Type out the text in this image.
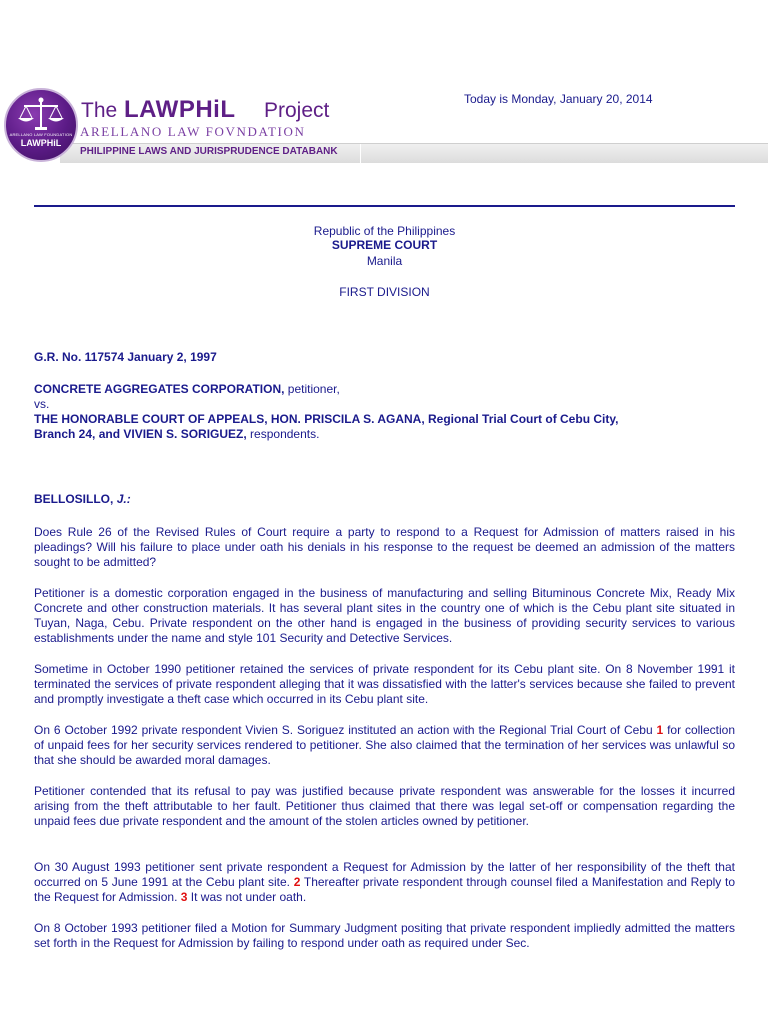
ARELLANO LAW FOUNDATION
LAWPHiL
The LAWPHiL Project
ARELLANO LAW FOVNDATION
PHILIPPINE LAWS AND JURISPRUDENCE DATABANK
Today is Monday, January 20, 2014
Republic of the Philippines
SUPREME COURT
Manila
FIRST DIVISION
G.R. No. 117574 January 2, 1997
CONCRETE AGGREGATES CORPORATION, petitioner,
vs.
THE HONORABLE COURT OF APPEALS, HON. PRISCILA S. AGANA, Regional Trial Court of Cebu City,
Branch 24, and VIVIEN S. SORIGUEZ, respondents.
BELLOSILLO, J.:

Does Rule 26 of the Revised Rules of Court require a party to respond to a Request for Admission of matters raised in his pleadings? Will his failure to place under oath his denials in his response to the request be deemed an admission of the matters sought to be admitted?

Petitioner is a domestic corporation engaged in the business of manufacturing and selling Bituminous Concrete Mix, Ready Mix Concrete and other construction materials. It has several plant sites in the country one of which is the Cebu plant site situated in Tuyan, Naga, Cebu. Private respondent on the other hand is engaged in the business of providing security services to various establishments under the name and style 101 Security and Detective Services.

Sometime in October 1990 petitioner retained the services of private respondent for its Cebu plant site. On 8 November 1991 it terminated the services of private respondent alleging that it was dissatisfied with the latter's services because she failed to prevent and promptly investigate a theft case which occurred in its Cebu plant site.

On 6 October 1992 private respondent Vivien S. Soriguez instituted an action with the Regional Trial Court of Cebu 1 for collection of unpaid fees for her security services rendered to petitioner. She also claimed that the termination of her services was unlawful so that she should be awarded moral damages.

Petitioner contended that its refusal to pay was justified because private respondent was answerable for the losses it incurred arising from the theft attributable to her fault. Petitioner thus claimed that there was legal set-off or compensation regarding the unpaid fees due private respondent and the amount of the stolen articles owned by petitioner.

On 30 August 1993 petitioner sent private respondent a Request for Admission by the latter of her responsibility of the theft that occurred on 5 June 1991 at the Cebu plant site. 2 Thereafter private respondent through counsel filed a Manifestation and Reply to the Request for Admission. 3 It was not under oath.

On 8 October 1993 petitioner filed a Motion for Summary Judgment positing that private respondent impliedly admitted the matters set forth in the Request for Admission by failing to respond under oath as required under Sec.
